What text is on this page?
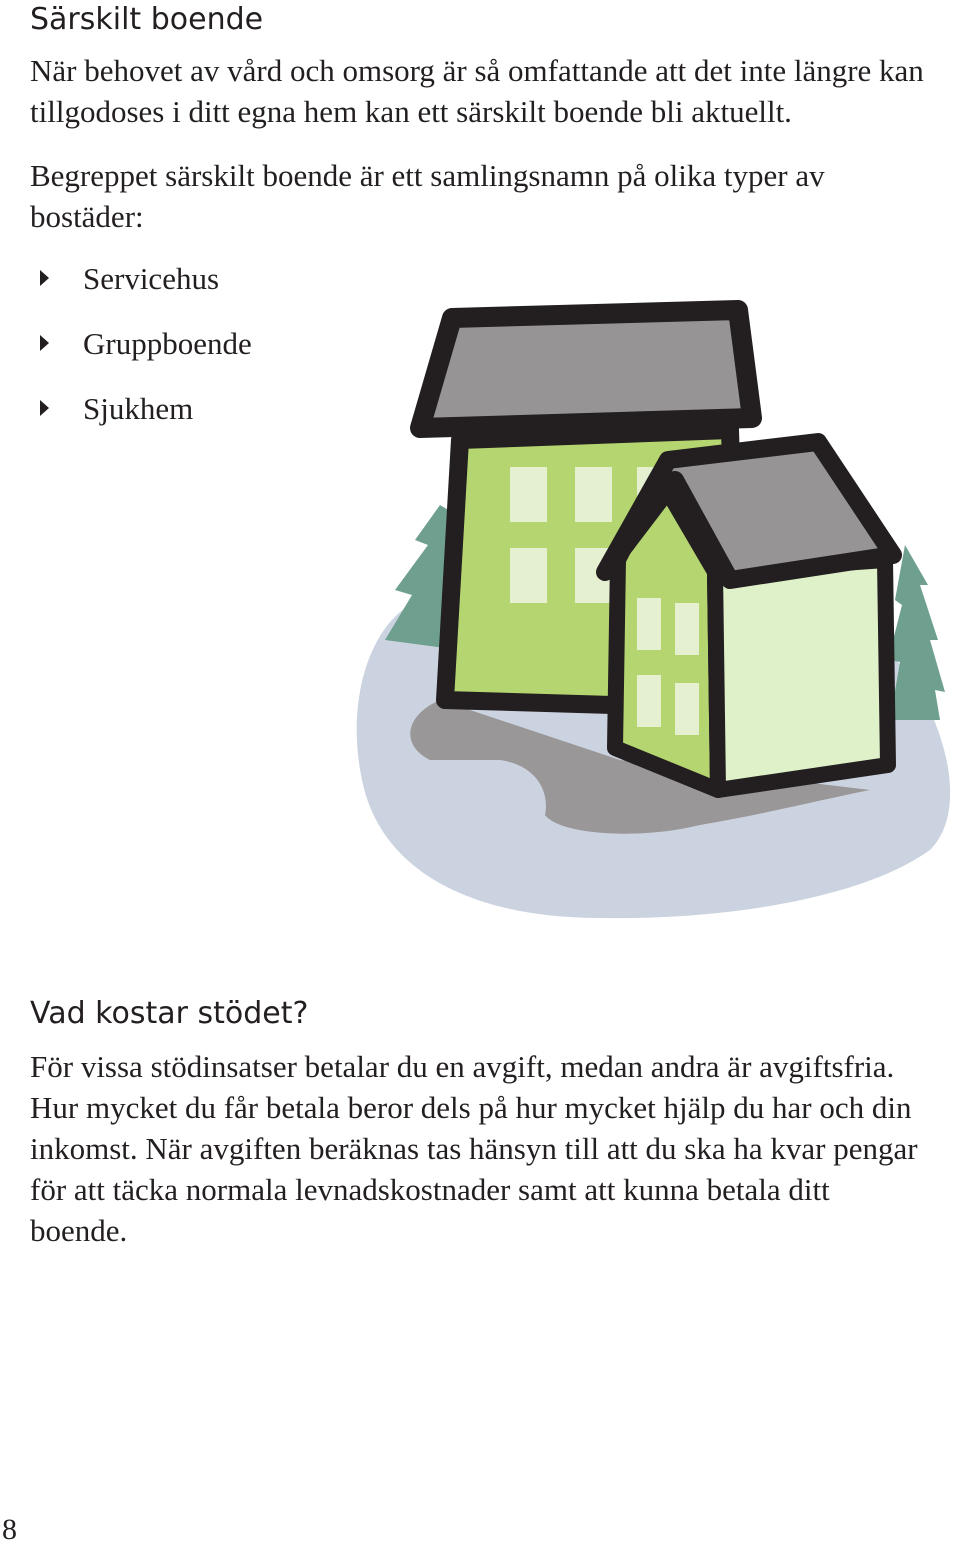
Särskilt boende

När behovet av vård och omsorg är så omfattande att det inte längre kan tillgodoses i ditt egna hem kan ett särskilt boende bli aktuellt.

Begreppet särskilt boende är ett samlingsnamn på olika typer av bostäder:

Servicehus
Gruppboende
Sjukhem
Vad kostar stödet?

För vissa stödinsatser betalar du en avgift, medan andra är avgiftsfria. Hur mycket du får betala beror dels på hur mycket hjälp du har och din inkomst. När avgiften beräknas tas hänsyn till att du ska ha kvar pengar för att täcka normala levnadskostnader samt att kunna betala ditt boende.

8
